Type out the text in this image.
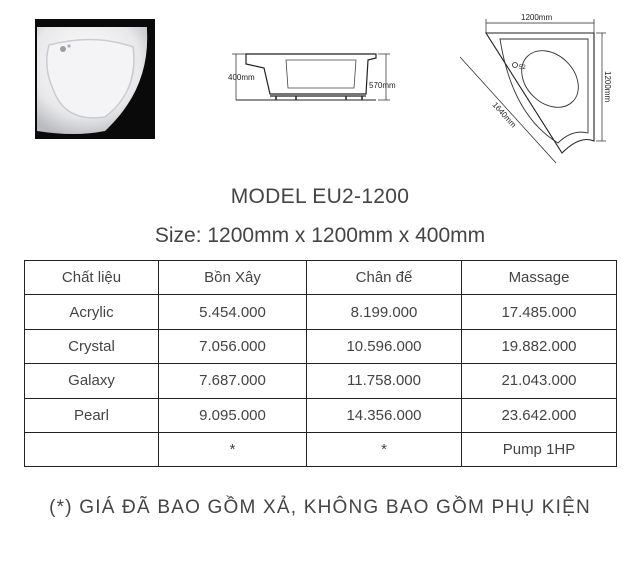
400mm
570mm
1200mm
1200mm
52
1640mm
MODEL EU2-1200
Size: 1200mm x 1200mm x 400mm
Chất liệu	Bồn Xây	Chân đế	Massage
Acrylic	5.454.000	8.199.000	17.485.000
Crystal	7.056.000	10.596.000	19.882.000
Galaxy	7.687.000	11.758.000	21.043.000
Pearl	9.095.000	14.356.000	23.642.000
	*	*	Pump 1HP
(*) GIÁ ĐÃ BAO GỒM XẢ, KHÔNG BAO GỒM PHỤ KIỆN
